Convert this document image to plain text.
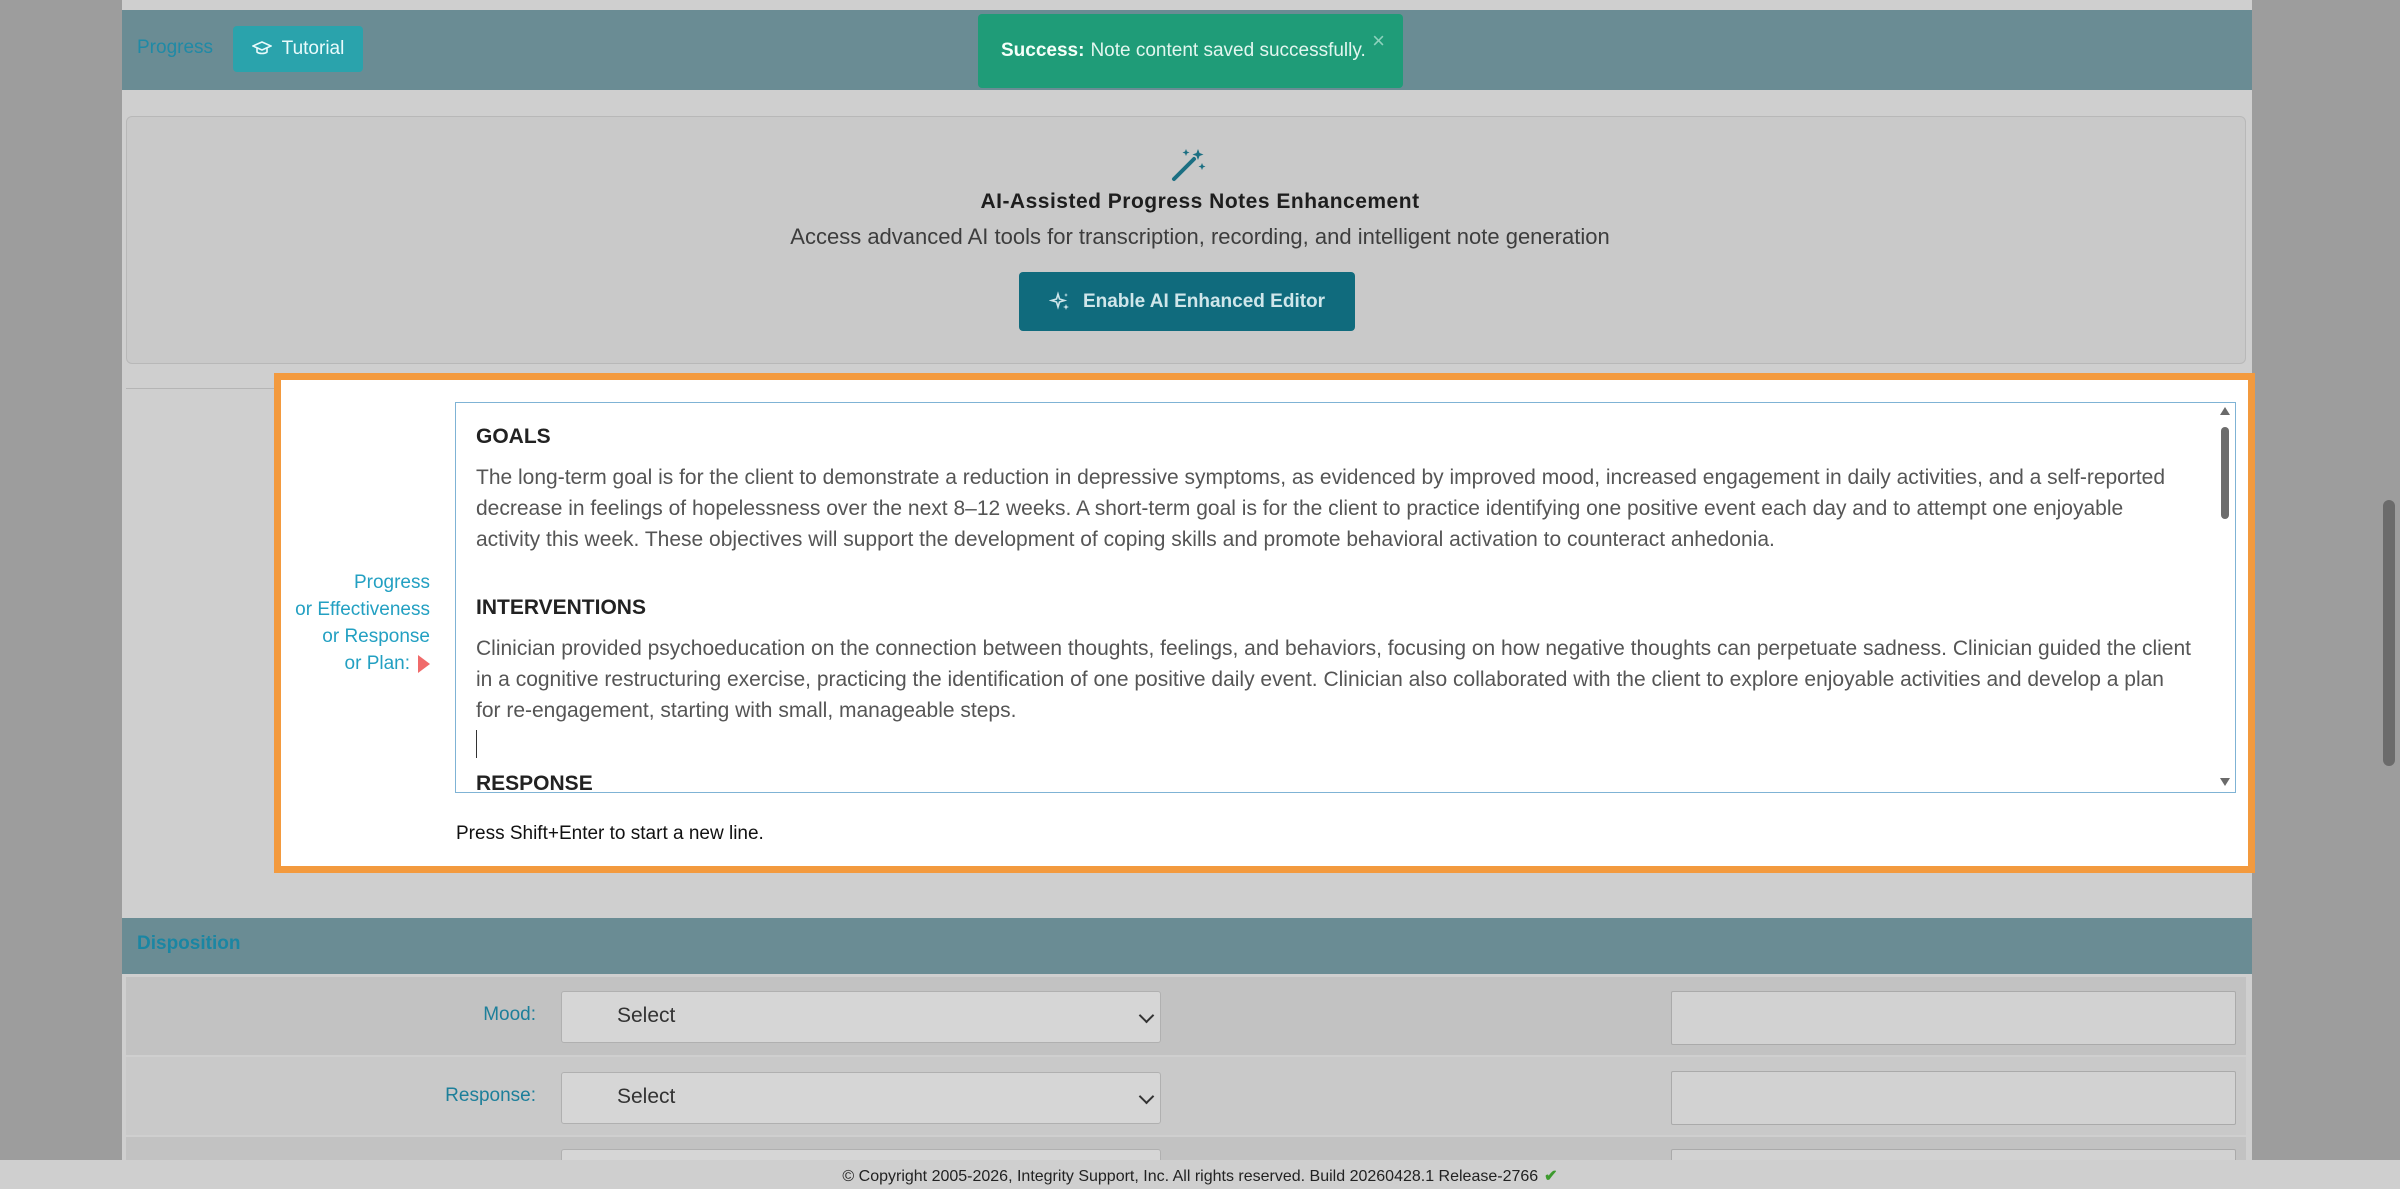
Progress	Tutorial	Success: Note content saved successfully. ×
AI-Assisted Progress Notes Enhancement
Access advanced AI tools for transcription, recording, and intelligent note generation
Enable AI Enhanced Editor
Progress
or Effectiveness
or Response
or Plan:
GOALS

The long-term goal is for the client to demonstrate a reduction in depressive symptoms, as evidenced by improved mood, increased engagement in daily activities, and a self-reported decrease in feelings of hopelessness over the next 8–12 weeks. A short-term goal is for the client to practice identifying one positive event each day and to attempt one enjoyable activity this week. These objectives will support the development of coping skills and promote behavioral activation to counteract anhedonia.

INTERVENTIONS

Clinician provided psychoeducation on the connection between thoughts, feelings, and behaviors, focusing on how negative thoughts can perpetuate sadness. Clinician guided the client in a cognitive restructuring exercise, practicing the identification of one positive daily event. Clinician also collaborated with the client to explore enjoyable activities and develop a plan for re-engagement, starting with small, manageable steps.

RESPONSE
Press Shift+Enter to start a new line.
Disposition
Mood:	Select
Response:	Select
© Copyright 2005-2026, Integrity Support, Inc. All rights reserved. Build 20260428.1 Release-2766 ✔
